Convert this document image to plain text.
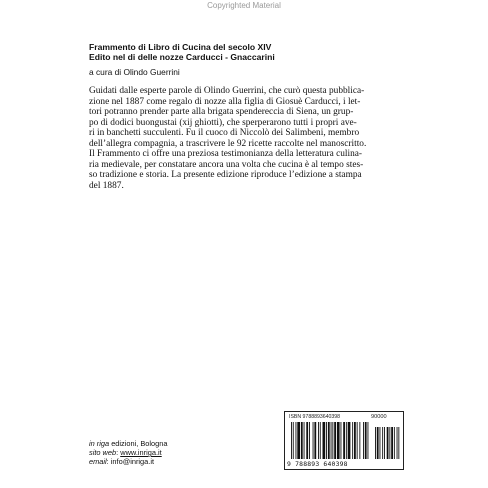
Copyrighted Material
Frammento di Libro di Cucina del secolo XIV
Edito nel di delle nozze Carducci - Gnaccarini
a cura di Olindo Guerrini

Guidati dalle esperte parole di Olindo Guerrini, che curò questa pubblica-

zione nel 1887 come regalo di nozze alla figlia di Giosuè Carducci, i let-

tori potranno prender parte alla brigata spendereccia di Siena, un grup-

po di dodici buongustai (xij ghiotti), che sperperarono tutti i propri ave-

ri in banchetti succulenti. Fu il cuoco di Niccolò dei Salimbeni, membro

dell’allegra compagnia, a trascrivere le 92 ricette raccolte nel manoscritto.

Il Frammento ci offre una preziosa testimonianza della letteratura culina-

ria medievale, per constatare ancora una volta che cucina è al tempo stes-

so tradizione e storia. La presente edizione riproduce l’edizione a stampa

del 1887.

in riga edizioni, Bologna
sito web: www.inriga.it
email: info@inriga.it
ISBN 9788893640398	90000
9 788893 640398
